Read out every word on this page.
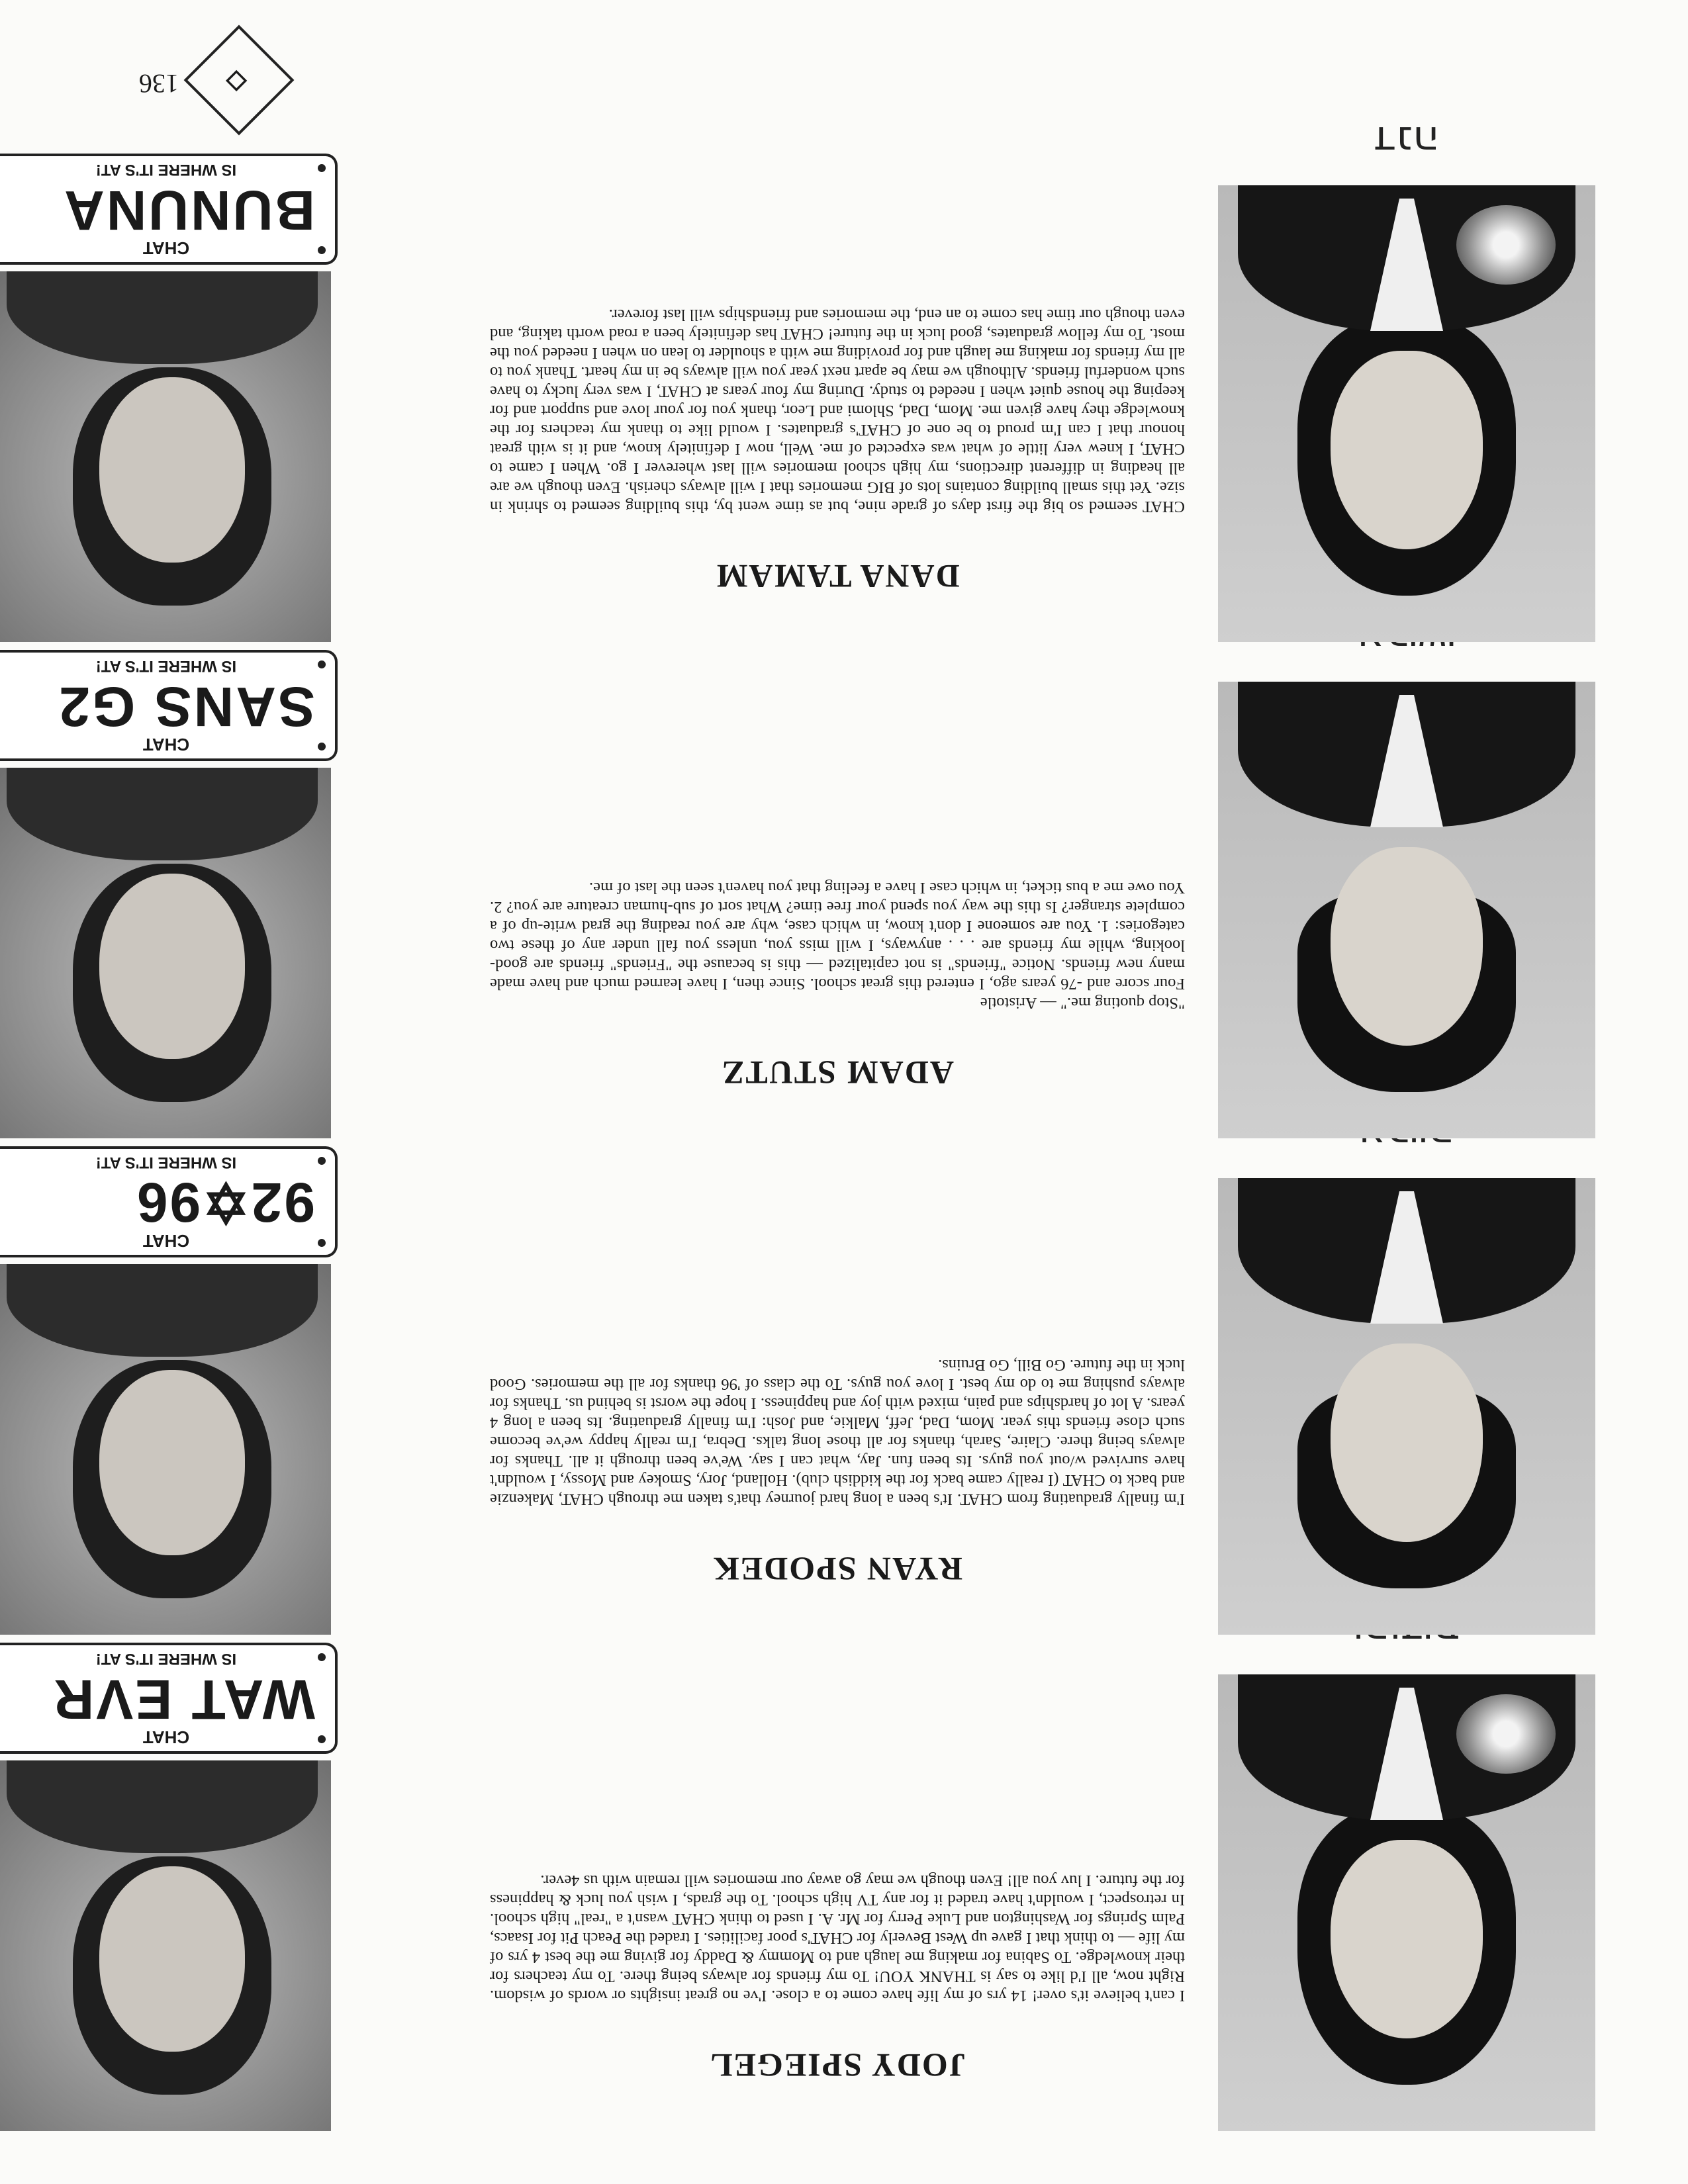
JODY SPIEGEL

I can't believe it's over! 14 yrs of my life have come to a close. I've no great insights or words of wisdom. Right now, all I'd like to say is THANK YOU! To my friends for always being there. To my teachers for their knowledge. To Sabina for making me laugh and to Mommy & Daddy for giving me the best 4 yrs of my life — to think that I gave up West Beverly for CHAT's poor facilities. I traded the Peach Pit for Isaacs, Palm Springs for Washington and Luke Perry for Mr. A. I used to think CHAT wasn't a "real" high school. In retrospect, I wouldn't have traded it for any TV high school. To the grads, I wish you luck & happiness for the future. I luv you all! Even though we may go away our memories will remain with us 4ever.

CHAT
WAT EVR
IS WHERE IT'S AT!
RYAN SPODEK

I'm finally graduating from CHAT. It's been a long hard journey that's taken me through CHAT, Makenzie and back to CHAT (I really came back for the kiddish club). Holland, Jory, Smokey and Mossy, I wouldn't have survived w/out you guys. Its been fun. Jay, what can I say. We've been through it all. Thanks for always being there. Claire, Sarah, thanks for all those long talks. Debra, I'm really happy we've become such close friends this year. Mom, Dad, Jeff, Malkie, and Josh: I'm finally graduating. Its been a long 4 years. A lot of hardships and pain, mixed with joy and happiness. I hope the worst is behind us. Thanks for always pushing me to do my best. I love you guys. To the class of '96 thanks for all the memories. Good luck in the future. Go Bill, Go Bruins.

CHAT
92✡96
IS WHERE IT'S AT!
ADAM STUTZ

"Stop quoting me." — Aristotle

Four score and -76 years ago, I entered this great school. Since then, I have learned much and have made many new friends. Notice "friends" is not capitalized — this is because the "Friends" friends are good-looking, while my friends are . . . anyways, I will miss you, unless you fall under any of these two categories: 1. You are someone I don't know, in which case, why are you reading the grad write-up of a complete stranger? Is this the way you spend your free time? What sort of sub-human creature are you? 2. You owe me a bus ticket, in which case I have a feeling that you haven't seen the last of me.

CHAT
SANS G2
IS WHERE IT'S AT!
דנה
DANA TAMAM

CHAT seemed so big the first days of grade nine, but as time went by, this building seemed to shrink in size. Yet this small building contains lots of BIG memories that I will always cherish. Even though we are all heading in different directions, my high school memories will last wherever I go. When I came to CHAT, I knew very little of what was expected of me. Well, now I definitely know, and it is with great honour that I can I'm proud to be one of CHAT's graduates. I would like to thank my teachers for the knowledge they have given me. Mom, Dad, Shlomi and Leor, thank you for your love and support and for keeping the house quiet when I needed to study. During my four years at CHAT, I was very lucky to have such wonderful friends. Although we may be apart next year you will always be in my heart. Thank you to all my friends for making me laugh and for providing me with a shoulder to lean on when I needed you the most. To my fellow graduates, good luck in the future! CHAT has definitely been a road worth taking, and even though our time has come to an end, the memories and friendships will last forever.

CHAT
BUNUNA
IS WHERE IT'S AT!
◇
136
